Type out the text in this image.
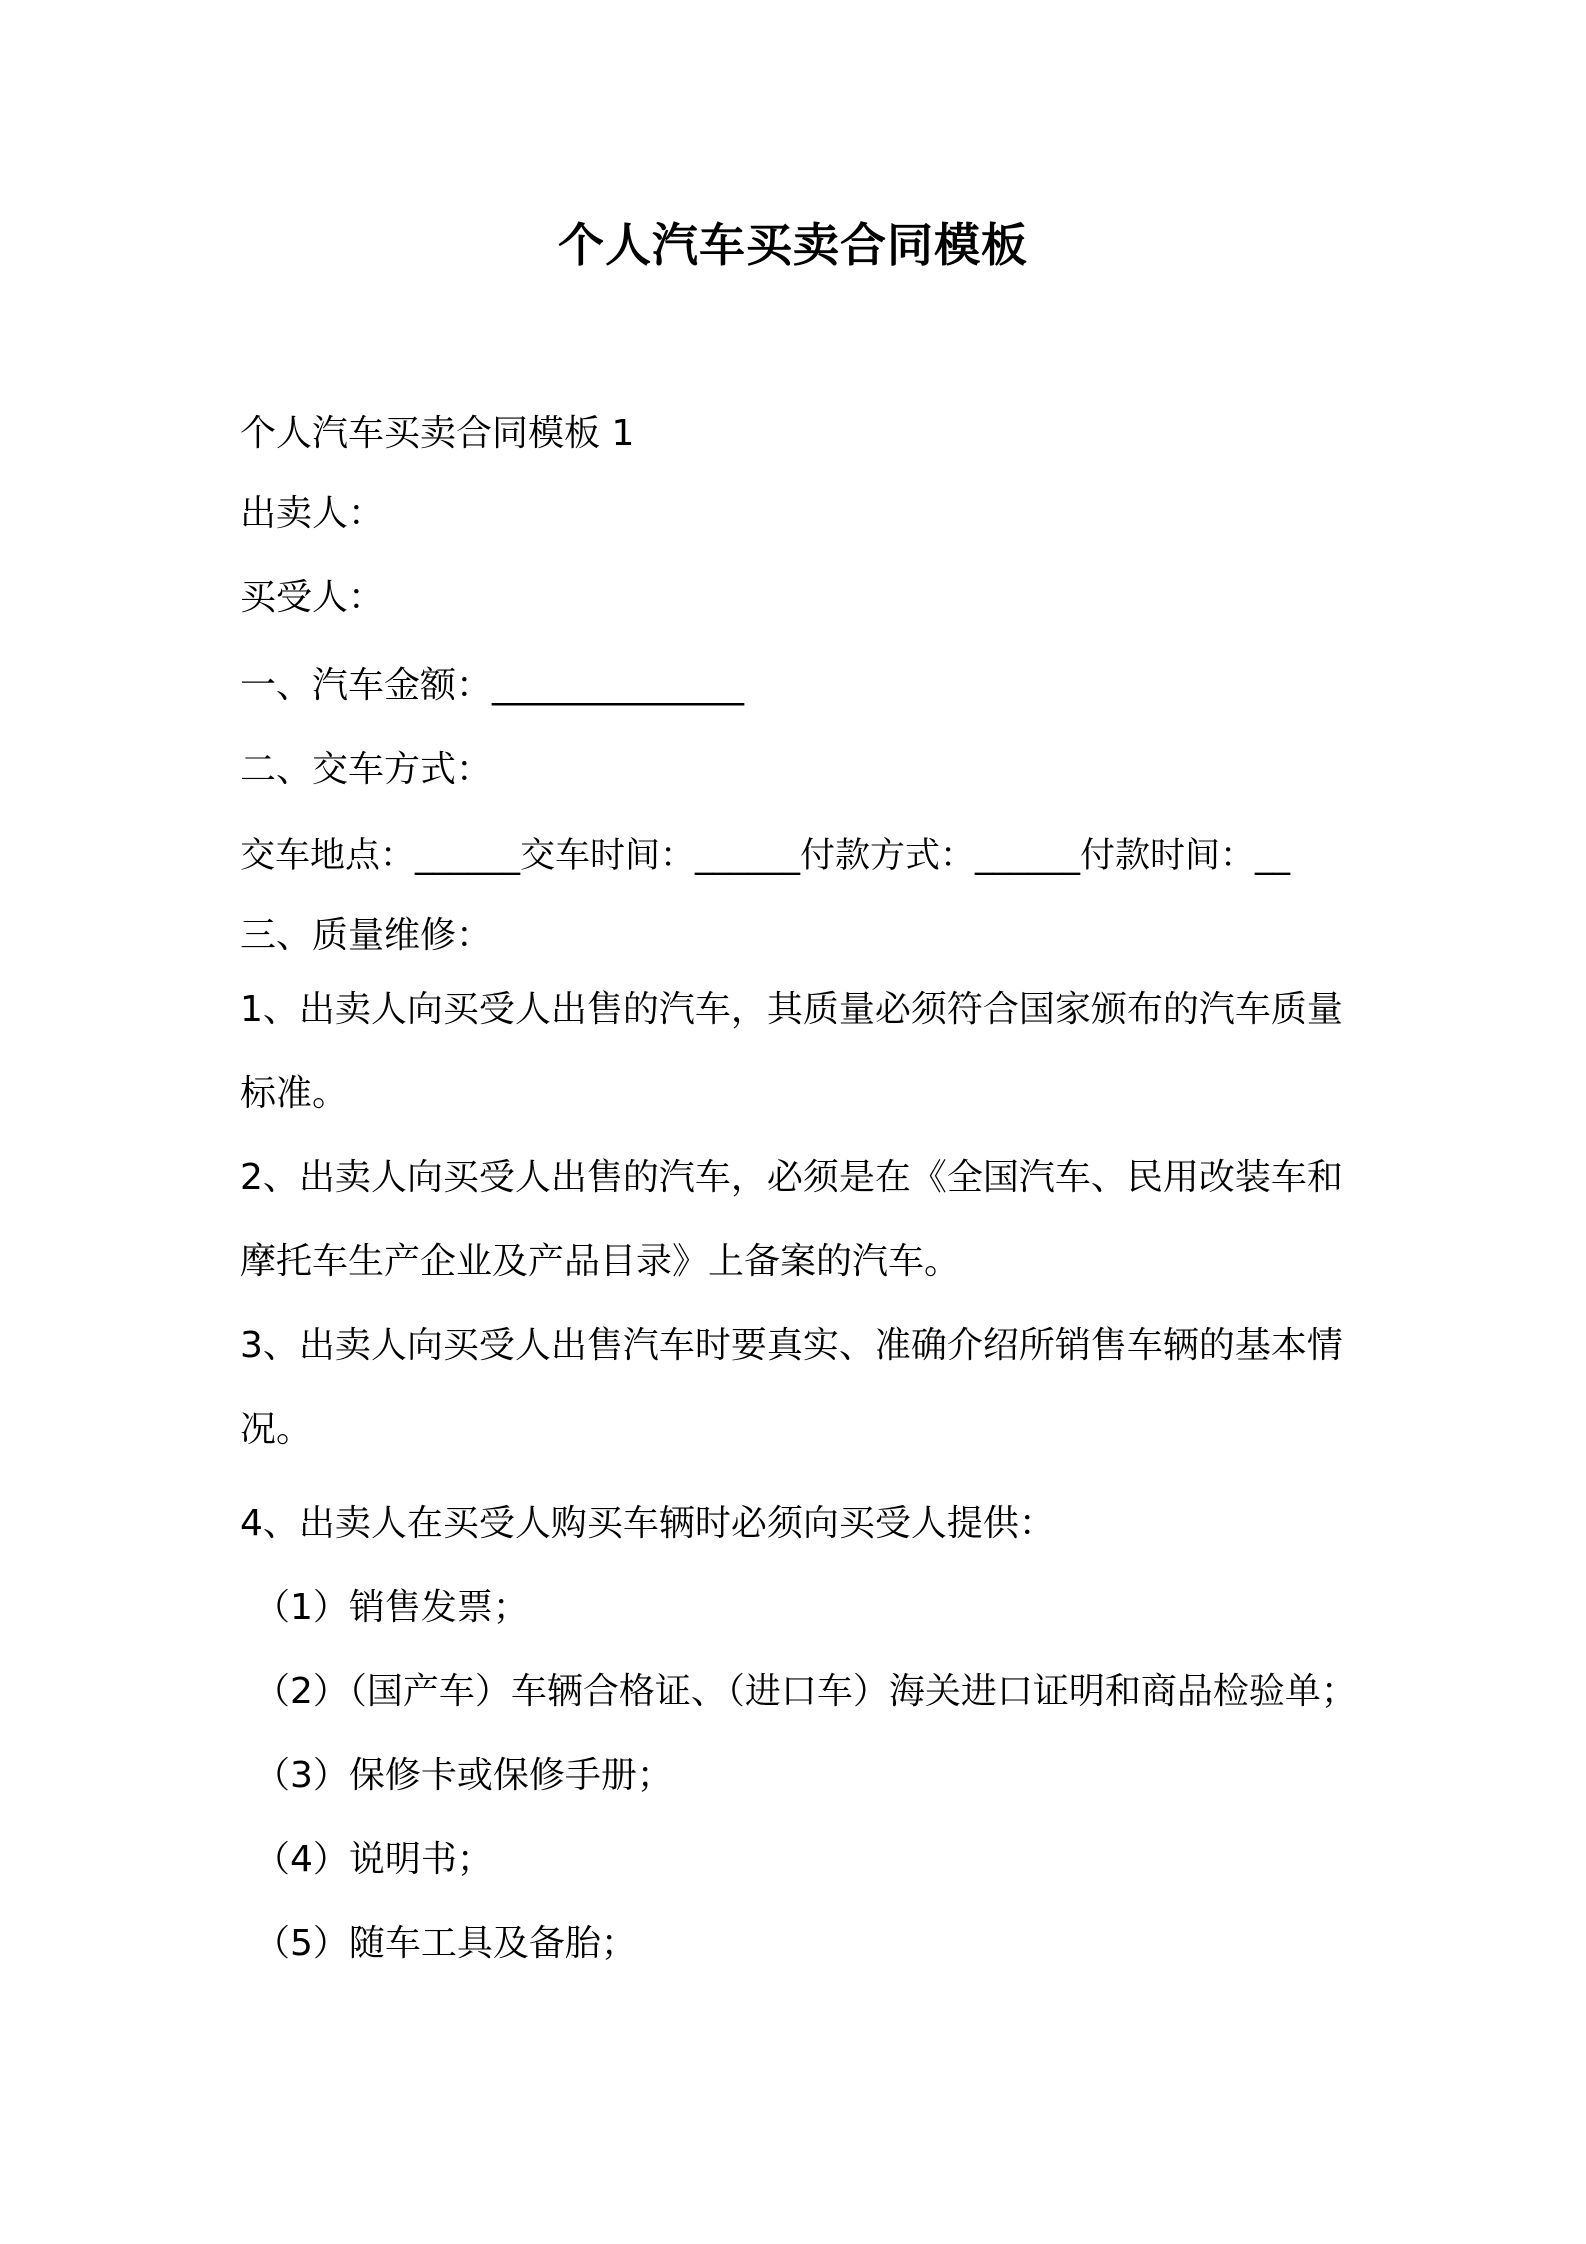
个人汽车买卖合同模板

个人汽车买卖合同模板 1

出卖人：

买受人：

一、汽车金额：______________

二、交车方式：

交车地点：______交车时间：______付款方式：______付款时间：__

三、质量维修：

1、出卖人向买受人出售的汽车，其质量必须符合国家颁布的汽车质量标准。

2、出卖人向买受人出售的汽车，必须是在《全国汽车、民用改装车和摩托车生产企业及产品目录》上备案的汽车。

3、出卖人向买受人出售汽车时要真实、准确介绍所销售车辆的基本情况。

4、出卖人在买受人购买车辆时必须向买受人提供：

（1）销售发票；

（2）（国产车）车辆合格证、（进口车）海关进口证明和商品检验单；

（3）保修卡或保修手册；

（4）说明书；

（5）随车工具及备胎；
